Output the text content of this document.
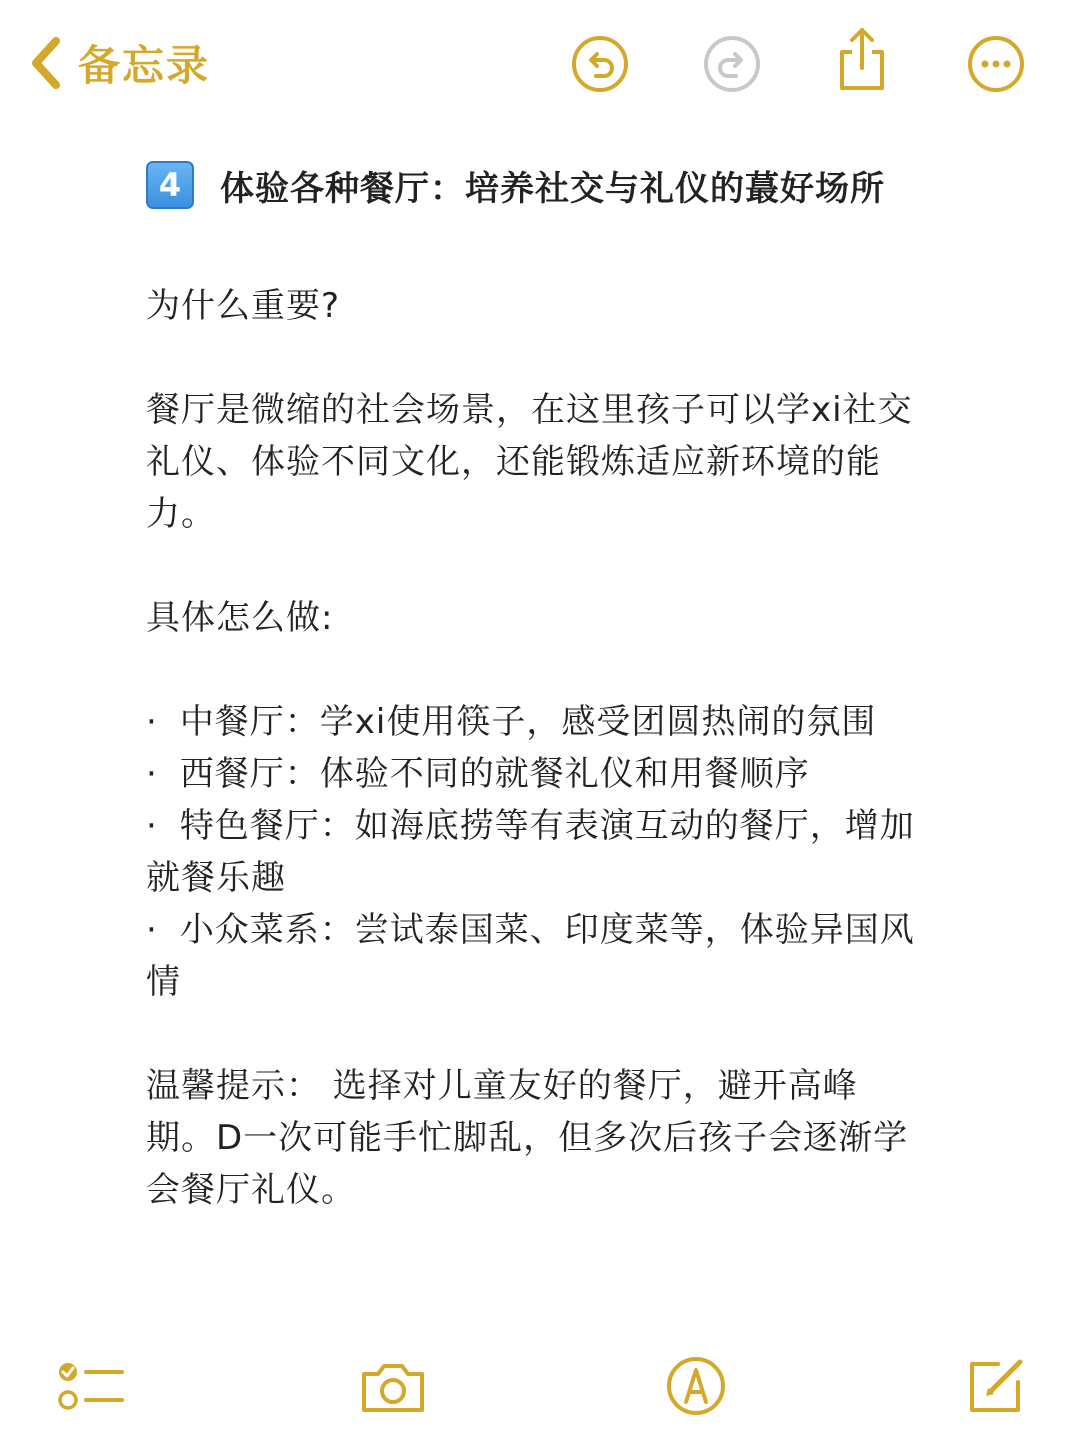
备忘录
4	体验各种餐厅：培养社交与礼仪的蕞好场所

为什么重要?

餐厅是微缩的社会场景，在这里孩子可以学xi社交礼仪、体验不同文化，还能锻炼适应新环境的能力。

具体怎么做:

· 中餐厅：学xi使用筷子，感受团圆热闹的氛围

· 西餐厅：体验不同的就餐礼仪和用餐顺序

· 特色餐厅：如海底捞等有表演互动的餐厅，增加就餐乐趣

· 小众菜系：尝试泰国菜、印度菜等，体验异国风情

温馨提示： 选择对儿童友好的餐厅，避开高峰期。D一次可能手忙脚乱，但多次后孩子会逐渐学会餐厅礼仪。
